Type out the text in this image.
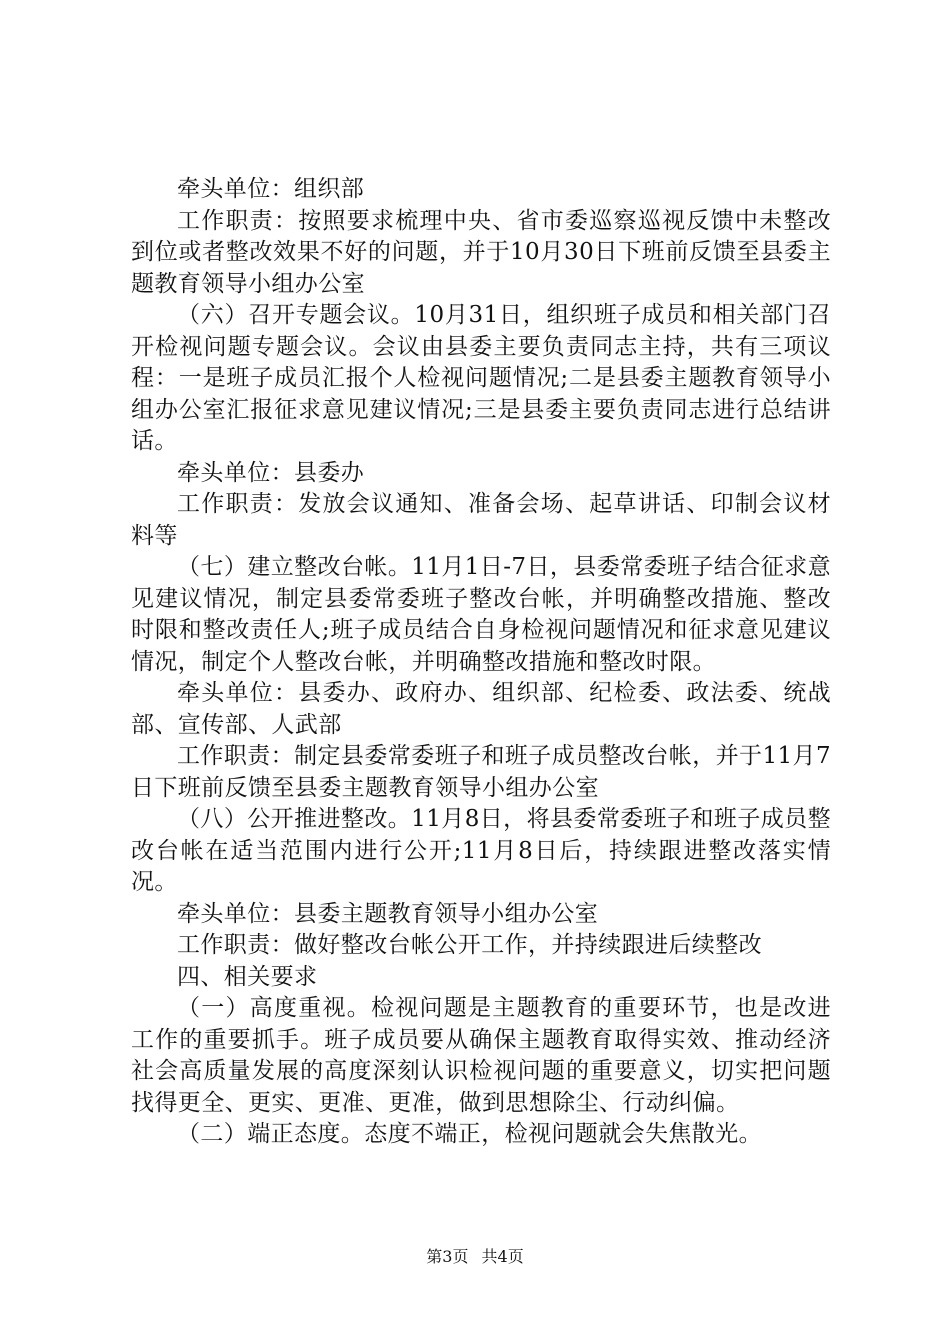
牵头单位：组织部

工作职责：按照要求梳理中央、省市委巡察巡视反馈中未整改到位或者整改效果不好的问题，并于10月30日下班前反馈至县委主题教育领导小组办公室

（六）召开专题会议。10月31日，组织班子成员和相关部门召开检视问题专题会议。会议由县委主要负责同志主持，共有三项议程：一是班子成员汇报个人检视问题情况;二是县委主题教育领导小组办公室汇报征求意见建议情况;三是县委主要负责同志进行总结讲话。

牵头单位：县委办

工作职责：发放会议通知、准备会场、起草讲话、印制会议材料等

（七）建立整改台帐。11月1日-7日，县委常委班子结合征求意见建议情况，制定县委常委班子整改台帐，并明确整改措施、整改时限和整改责任人;班子成员结合自身检视问题情况和征求意见建议情况，制定个人整改台帐，并明确整改措施和整改时限。

牵头单位：县委办、政府办、组织部、纪检委、政法委、统战部、宣传部、人武部

工作职责：制定县委常委班子和班子成员整改台帐，并于11月7日下班前反馈至县委主题教育领导小组办公室

（八）公开推进整改。11月8日，将县委常委班子和班子成员整改台帐在适当范围内进行公开;11月8日后，持续跟进整改落实情况。

牵头单位：县委主题教育领导小组办公室

工作职责：做好整改台帐公开工作，并持续跟进后续整改

四、相关要求

（一）高度重视。检视问题是主题教育的重要环节，也是改进工作的重要抓手。班子成员要从确保主题教育取得实效、推动经济社会高质量发展的高度深刻认识检视问题的重要意义，切实把问题找得更全、更实、更准、更准，做到思想除尘、行动纠偏。

（二）端正态度。态度不端正，检视问题就会失焦散光。

第3页 共4页
